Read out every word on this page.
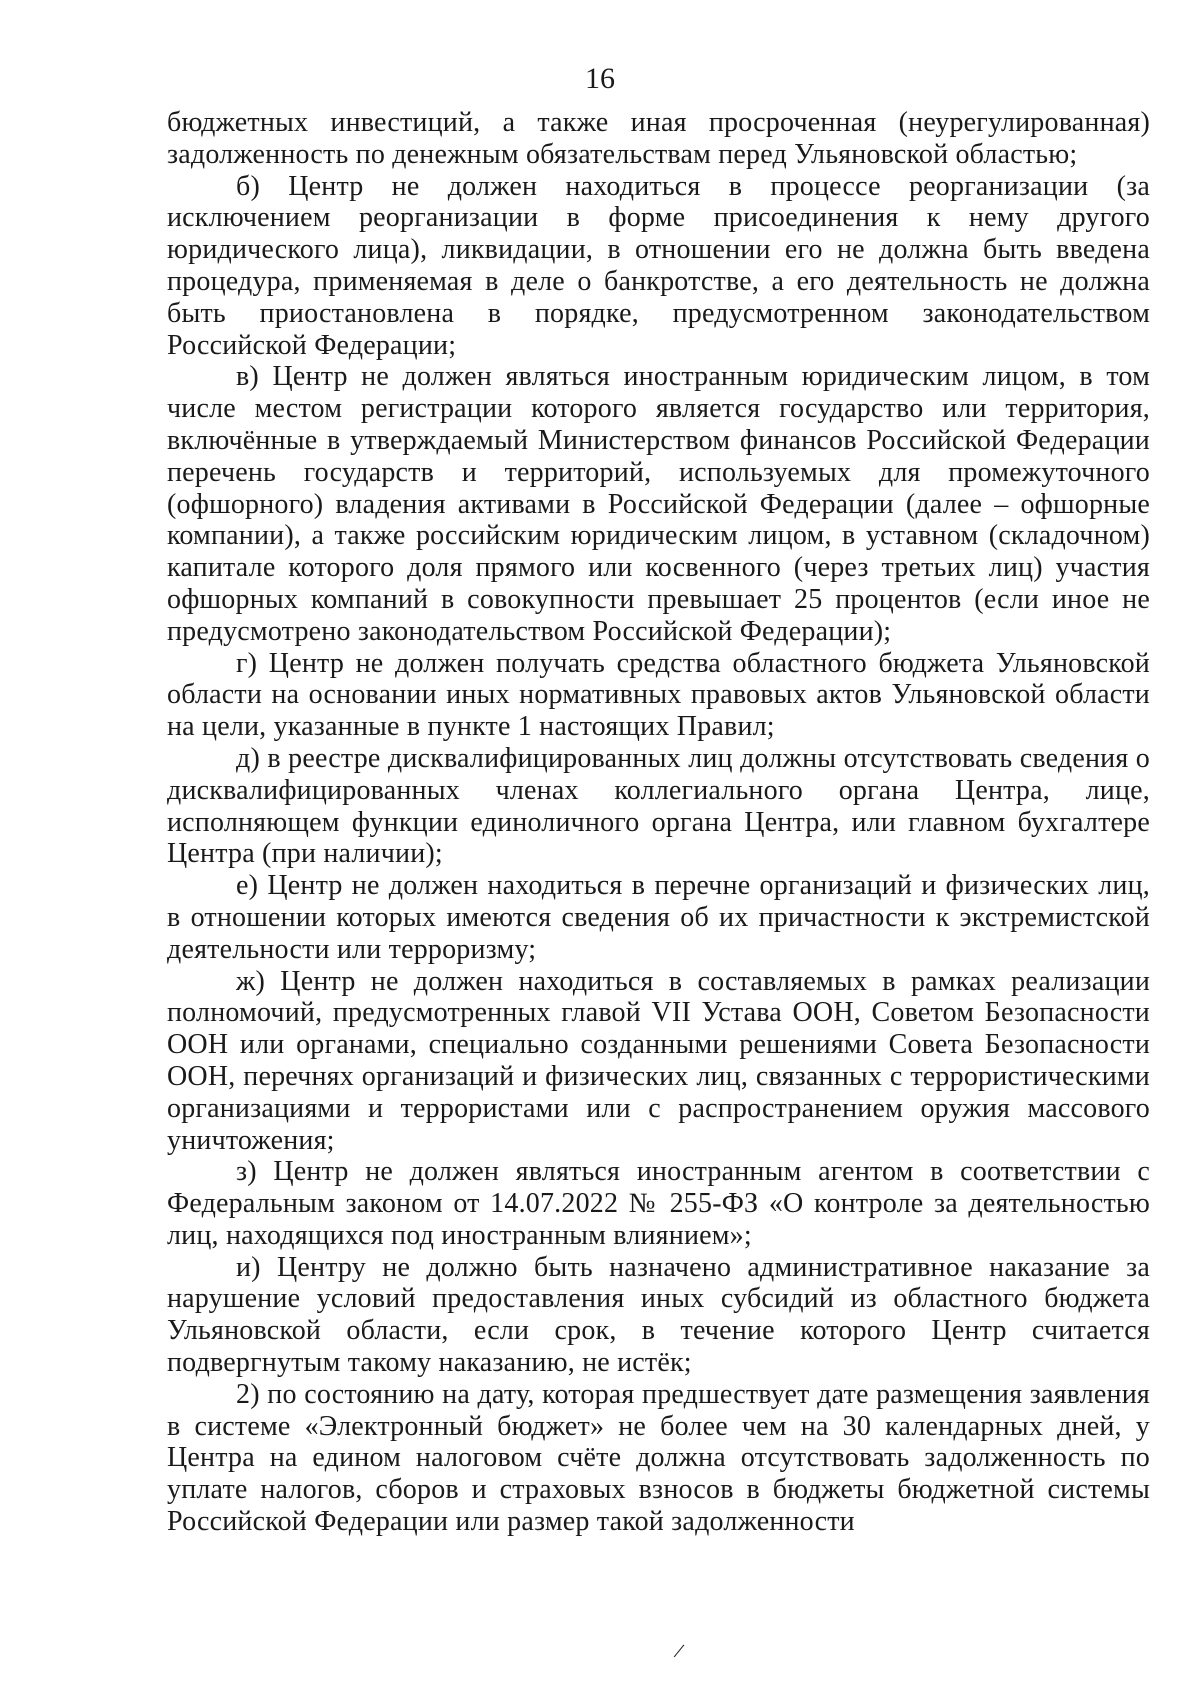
16

бюджетных инвестиций, а также иная просроченная (неурегулированная) задолженность по денежным обязательствам перед Ульяновской областью;

б) Центр не должен находиться в процессе реорганизации (за исключением реорганизации в форме присоединения к нему другого юридического лица), ликвидации, в отношении его не должна быть введена процедура, применяемая в деле о банкротстве, а его деятельность не должна быть приостановлена в порядке, предусмотренном законодательством Российской Федерации;

в) Центр не должен являться иностранным юридическим лицом, в том числе местом регистрации которого является государство или территория, включённые в утверждаемый Министерством финансов Российской Федерации перечень государств и территорий, используемых для промежуточного (офшорного) владения активами в Российской Федерации (далее – офшорные компании), а также российским юридическим лицом, в уставном (складочном) капитале которого доля прямого или косвенного (через третьих лиц) участия офшорных компаний в совокупности превышает 25 процентов (если иное не предусмотрено законодательством Российской Федерации);

г) Центр не должен получать средства областного бюджета Ульяновской области на основании иных нормативных правовых актов Ульяновской области на цели, указанные в пункте 1 настоящих Правил;

д) в реестре дисквалифицированных лиц должны отсутствовать сведения о дисквалифицированных членах коллегиального органа Центра, лице, исполняющем функции единоличного органа Центра, или главном бухгалтере Центра (при наличии);

е) Центр не должен находиться в перечне организаций и физических лиц, в отношении которых имеются сведения об их причастности к экстремистской деятельности или терроризму;

ж) Центр не должен находиться в составляемых в рамках реализации полномочий, предусмотренных главой VII Устава ООН, Советом Безопасности ООН или органами, специально созданными решениями Совета Безопасности ООН, перечнях организаций и физических лиц, связанных с террористическими организациями и террористами или с распространением оружия массового уничтожения;

з) Центр не должен являться иностранным агентом в соответствии с Федеральным законом от 14.07.2022 № 255-ФЗ «О контроле за деятельностью лиц, находящихся под иностранным влиянием»;

и) Центру не должно быть назначено административное наказание за нарушение условий предоставления иных субсидий из областного бюджета Ульяновской области, если срок, в течение которого Центр считается подвергнутым такому наказанию, не истёк;

2) по состоянию на дату, которая предшествует дате размещения заявления в системе «Электронный бюджет» не более чем на 30 календарных дней, у Центра на едином налоговом счёте должна отсутствовать задолженность по уплате налогов, сборов и страховых взносов в бюджеты бюджетной системы Российской Федерации или размер такой задолженности

/
